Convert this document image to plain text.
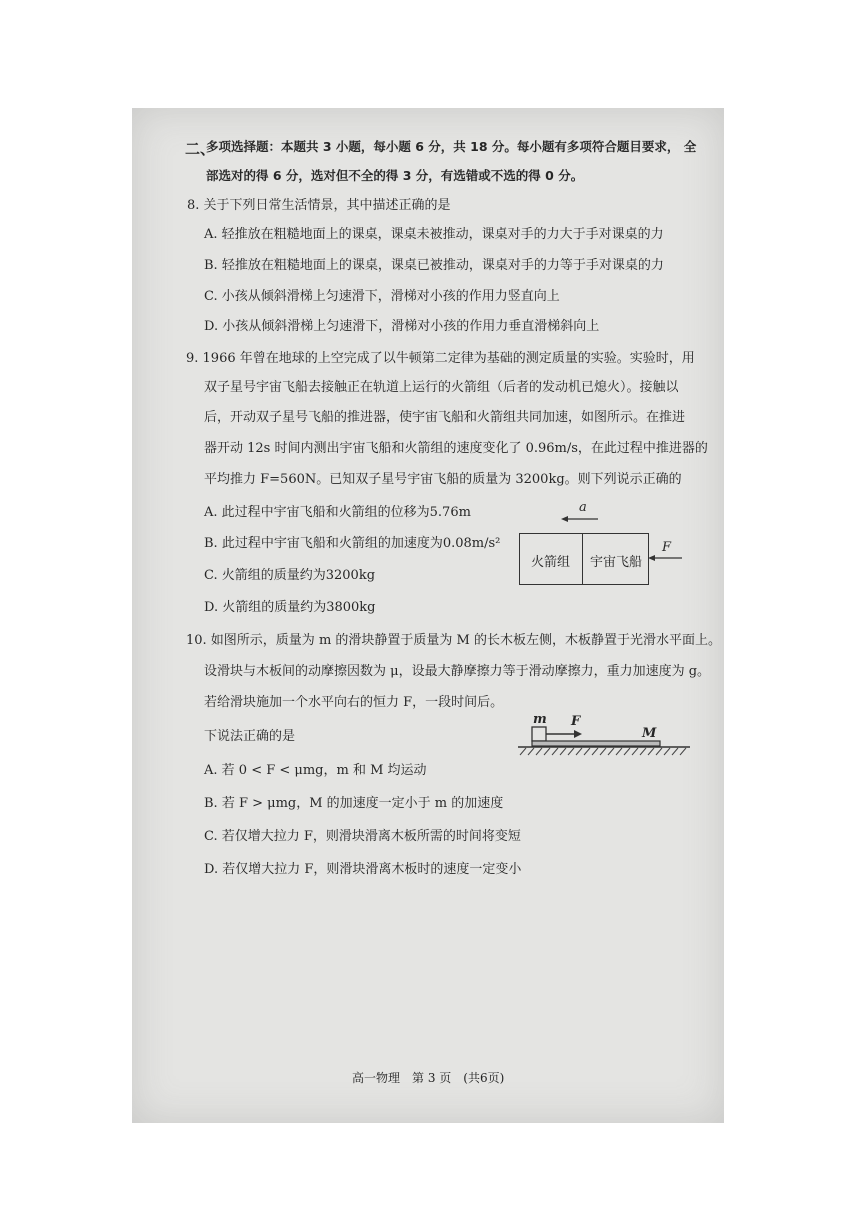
二、
多项选择题：本题共 3 小题，每小题 6 分，共 18 分。每小题有多项符合题目要求， 全
部选对的得 6 分，选对但不全的得 3 分，有选错或不选的得 0 分。
8. 关于下列日常生活情景，其中描述正确的是
A. 轻推放在粗糙地面上的课桌，课桌未被推动，课桌对手的力大于手对课桌的力
B. 轻推放在粗糙地面上的课桌，课桌已被推动，课桌对手的力等于手对课桌的力
C. 小孩从倾斜滑梯上匀速滑下，滑梯对小孩的作用力竖直向上
D. 小孩从倾斜滑梯上匀速滑下，滑梯对小孩的作用力垂直滑梯斜向上
9. 1966 年曾在地球的上空完成了以牛顿第二定律为基础的测定质量的实验。实验时，用
双子星号宇宙飞船去接触正在轨道上运行的火箭组（后者的发动机已熄火）。接触以
后，开动双子星号飞船的推进器，使宇宙飞船和火箭组共同加速，如图所示。在推进
器开动 12s 时间内测出宇宙飞船和火箭组的速度变化了 0.96m/s，在此过程中推进器的
平均推力 F=560N。已知双子星号宇宙飞船的质量为 3200kg。则下列说示正确的
A. 此过程中宇宙飞船和火箭组的位移为5.76m
B. 此过程中宇宙飞船和火箭组的加速度为0.08m/s²
C. 火箭组的质量约为3200kg
D. 火箭组的质量约为3800kg
a
火箭组 宇宙飞船
F
10. 如图所示，质量为 m 的滑块静置于质量为 M 的长木板左侧，木板静置于光滑水平面上。
设滑块与木板间的动摩擦因数为 μ，设最大静摩擦力等于滑动摩擦力，重力加速度为 g。
若给滑块施加一个水平向右的恒力 F，一段时间后。
下说法正确的是
A. 若 0 < F < μmg，m 和 M 均运动
B. 若 F > μmg，M 的加速度一定小于 m 的加速度
C. 若仅增大拉力 F，则滑块滑离木板所需的时间将变短
D. 若仅增大拉力 F，则滑块滑离木板时的速度一定变小
m F
M
高一物理　第 3 页　(共6页)
